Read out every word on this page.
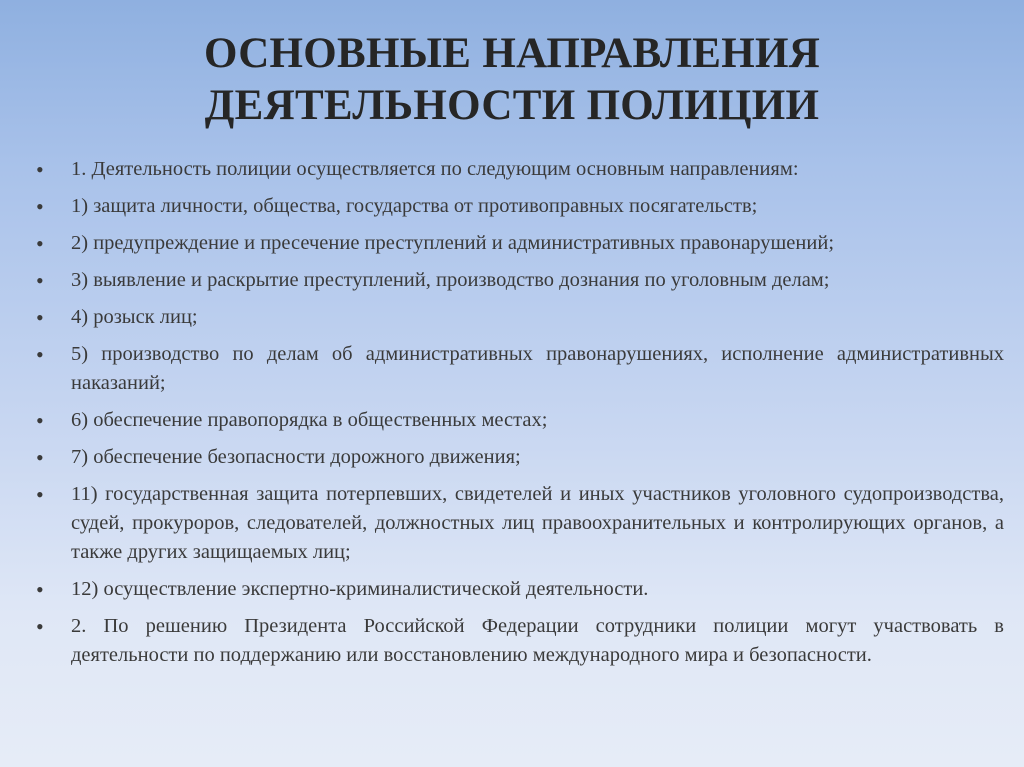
ОСНОВНЫЕ НАПРАВЛЕНИЯ
ДЕЯТЕЛЬНОСТИ ПОЛИЦИИ
• 1. Деятельность полиции осуществляется по следующим основным направлениям:
• 1) защита личности, общества, государства от противоправных посягательств;
• 2) предупреждение и пресечение преступлений и административных правонарушений;
• 3) выявление и раскрытие преступлений, производство дознания по уголовным делам;
• 4) розыск лиц;
• 5) производство по делам об административных правонарушениях, исполнение административных наказаний;
• 6) обеспечение правопорядка в общественных местах;
• 7) обеспечение безопасности дорожного движения;
• 11) государственная защита потерпевших, свидетелей и иных участников уголовного судопроизводства, судей, прокуроров, следователей, должностных лиц правоохранительных и контролирующих органов, а также других защищаемых лиц;
• 12) осуществление экспертно-криминалистической деятельности.
• 2. По решению Президента Российской Федерации сотрудники полиции могут участвовать в деятельности по поддержанию или восстановлению международного мира и безопасности.
